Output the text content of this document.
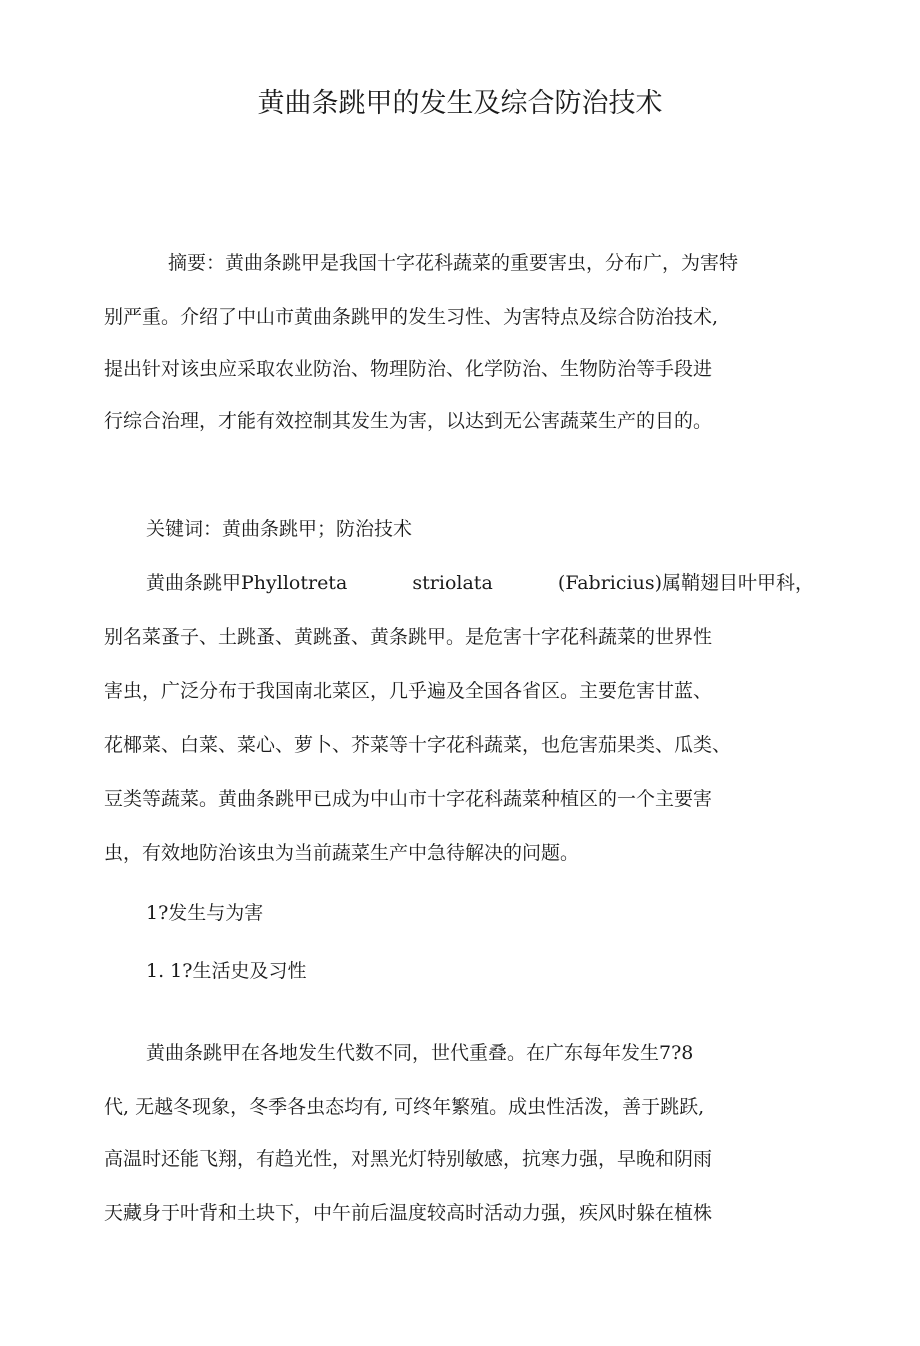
黄曲条跳甲的发生及综合防治技术

摘要：黄曲条跳甲是我国十字花科蔬菜的重要害虫，分布广，为害特

别严重。介绍了中山市黄曲条跳甲的发生习性、为害特点及综合防治技术,

提出针对该虫应采取农业防治、物理防治、化学防治、生物防治等手段进

行综合治理，才能有效控制其发生为害，以达到无公害蔬菜生产的目的。

关键词：黄曲条跳甲；防治技术

黄曲条跳甲Phyllotreta	striolata	(Fabricius)属鞘翅目叶甲科，

别名菜蚤子、土跳蚤、黄跳蚤、黄条跳甲。是危害十字花科蔬菜的世界性

害虫，广泛分布于我国南北菜区，几乎遍及全国各省区。主要危害甘蓝、

花椰菜、白菜、菜心、萝卜、芥菜等十字花科蔬菜，也危害茄果类、瓜类、

豆类等蔬菜。黄曲条跳甲已成为中山市十字花科蔬菜种植区的一个主要害

虫，有效地防治该虫为当前蔬菜生产中急待解决的问题。

1?发生与为害

1. 1?生活史及习性

黄曲条跳甲在各地发生代数不同，世代重叠。在广东每年发生7?8

代, 无越冬现象，冬季各虫态均有, 可终年繁殖。成虫性活泼，善于跳跃,

高温时还能飞翔，有趋光性，对黑光灯特别敏感，抗寒力强，早晚和阴雨

天藏身于叶背和土块下，中午前后温度较高时活动力强，疾风时躲在植株
